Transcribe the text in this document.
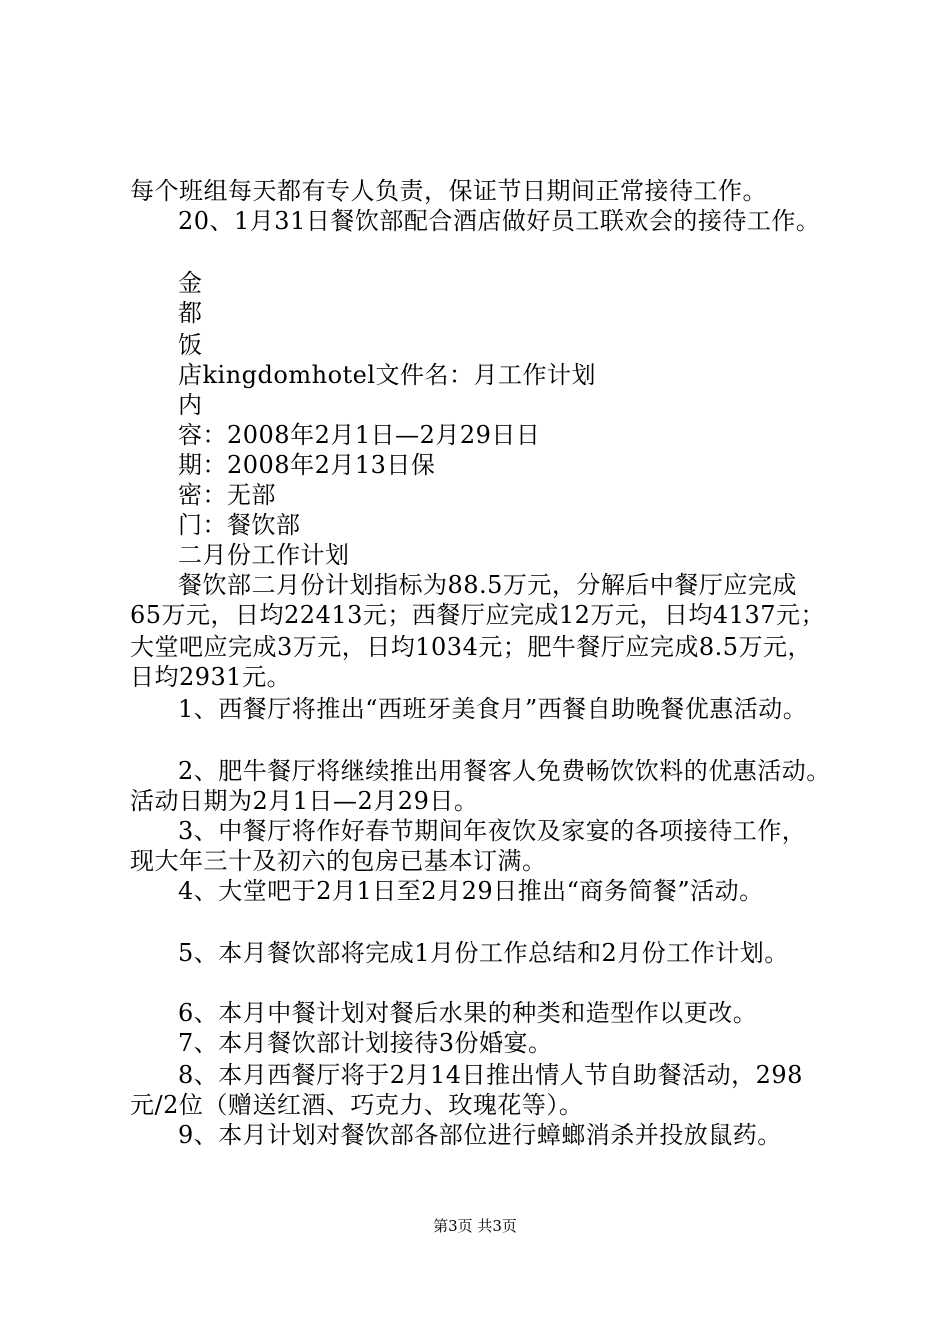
每个班组每天都有专人负责，保证节日期间正常接待工作。
20、1月31日餐饮部配合酒店做好员工联欢会的接待工作。
金
都
饭
店kingdomhotel文件名：月工作计划
内
容：2008年2月1日—2月29日日
期：2008年2月13日保
密：无部
门：餐饮部
二月份工作计划
餐饮部二月份计划指标为88.5万元，分解后中餐厅应完成
65万元，日均22413元；西餐厅应完成12万元，日均4137元；
大堂吧应完成3万元，日均1034元；肥牛餐厅应完成8.5万元，
日均2931元。
1、西餐厅将推出“西班牙美食月”西餐自助晚餐优惠活动。
2、肥牛餐厅将继续推出用餐客人免费畅饮饮料的优惠活动。
活动日期为2月1日—2月29日。
3、中餐厅将作好春节期间年夜饮及家宴的各项接待工作，
现大年三十及初六的包房已基本订满。
4、大堂吧于2月1日至2月29日推出“商务简餐”活动。
5、本月餐饮部将完成1月份工作总结和2月份工作计划。
6、本月中餐计划对餐后水果的种类和造型作以更改。
7、本月餐饮部计划接待3份婚宴。
8、本月西餐厅将于2月14日推出情人节自助餐活动，298
元/2位（赠送红酒、巧克力、玫瑰花等）。
9、本月计划对餐饮部各部位进行蟑螂消杀并投放鼠药。
第3页 共3页
